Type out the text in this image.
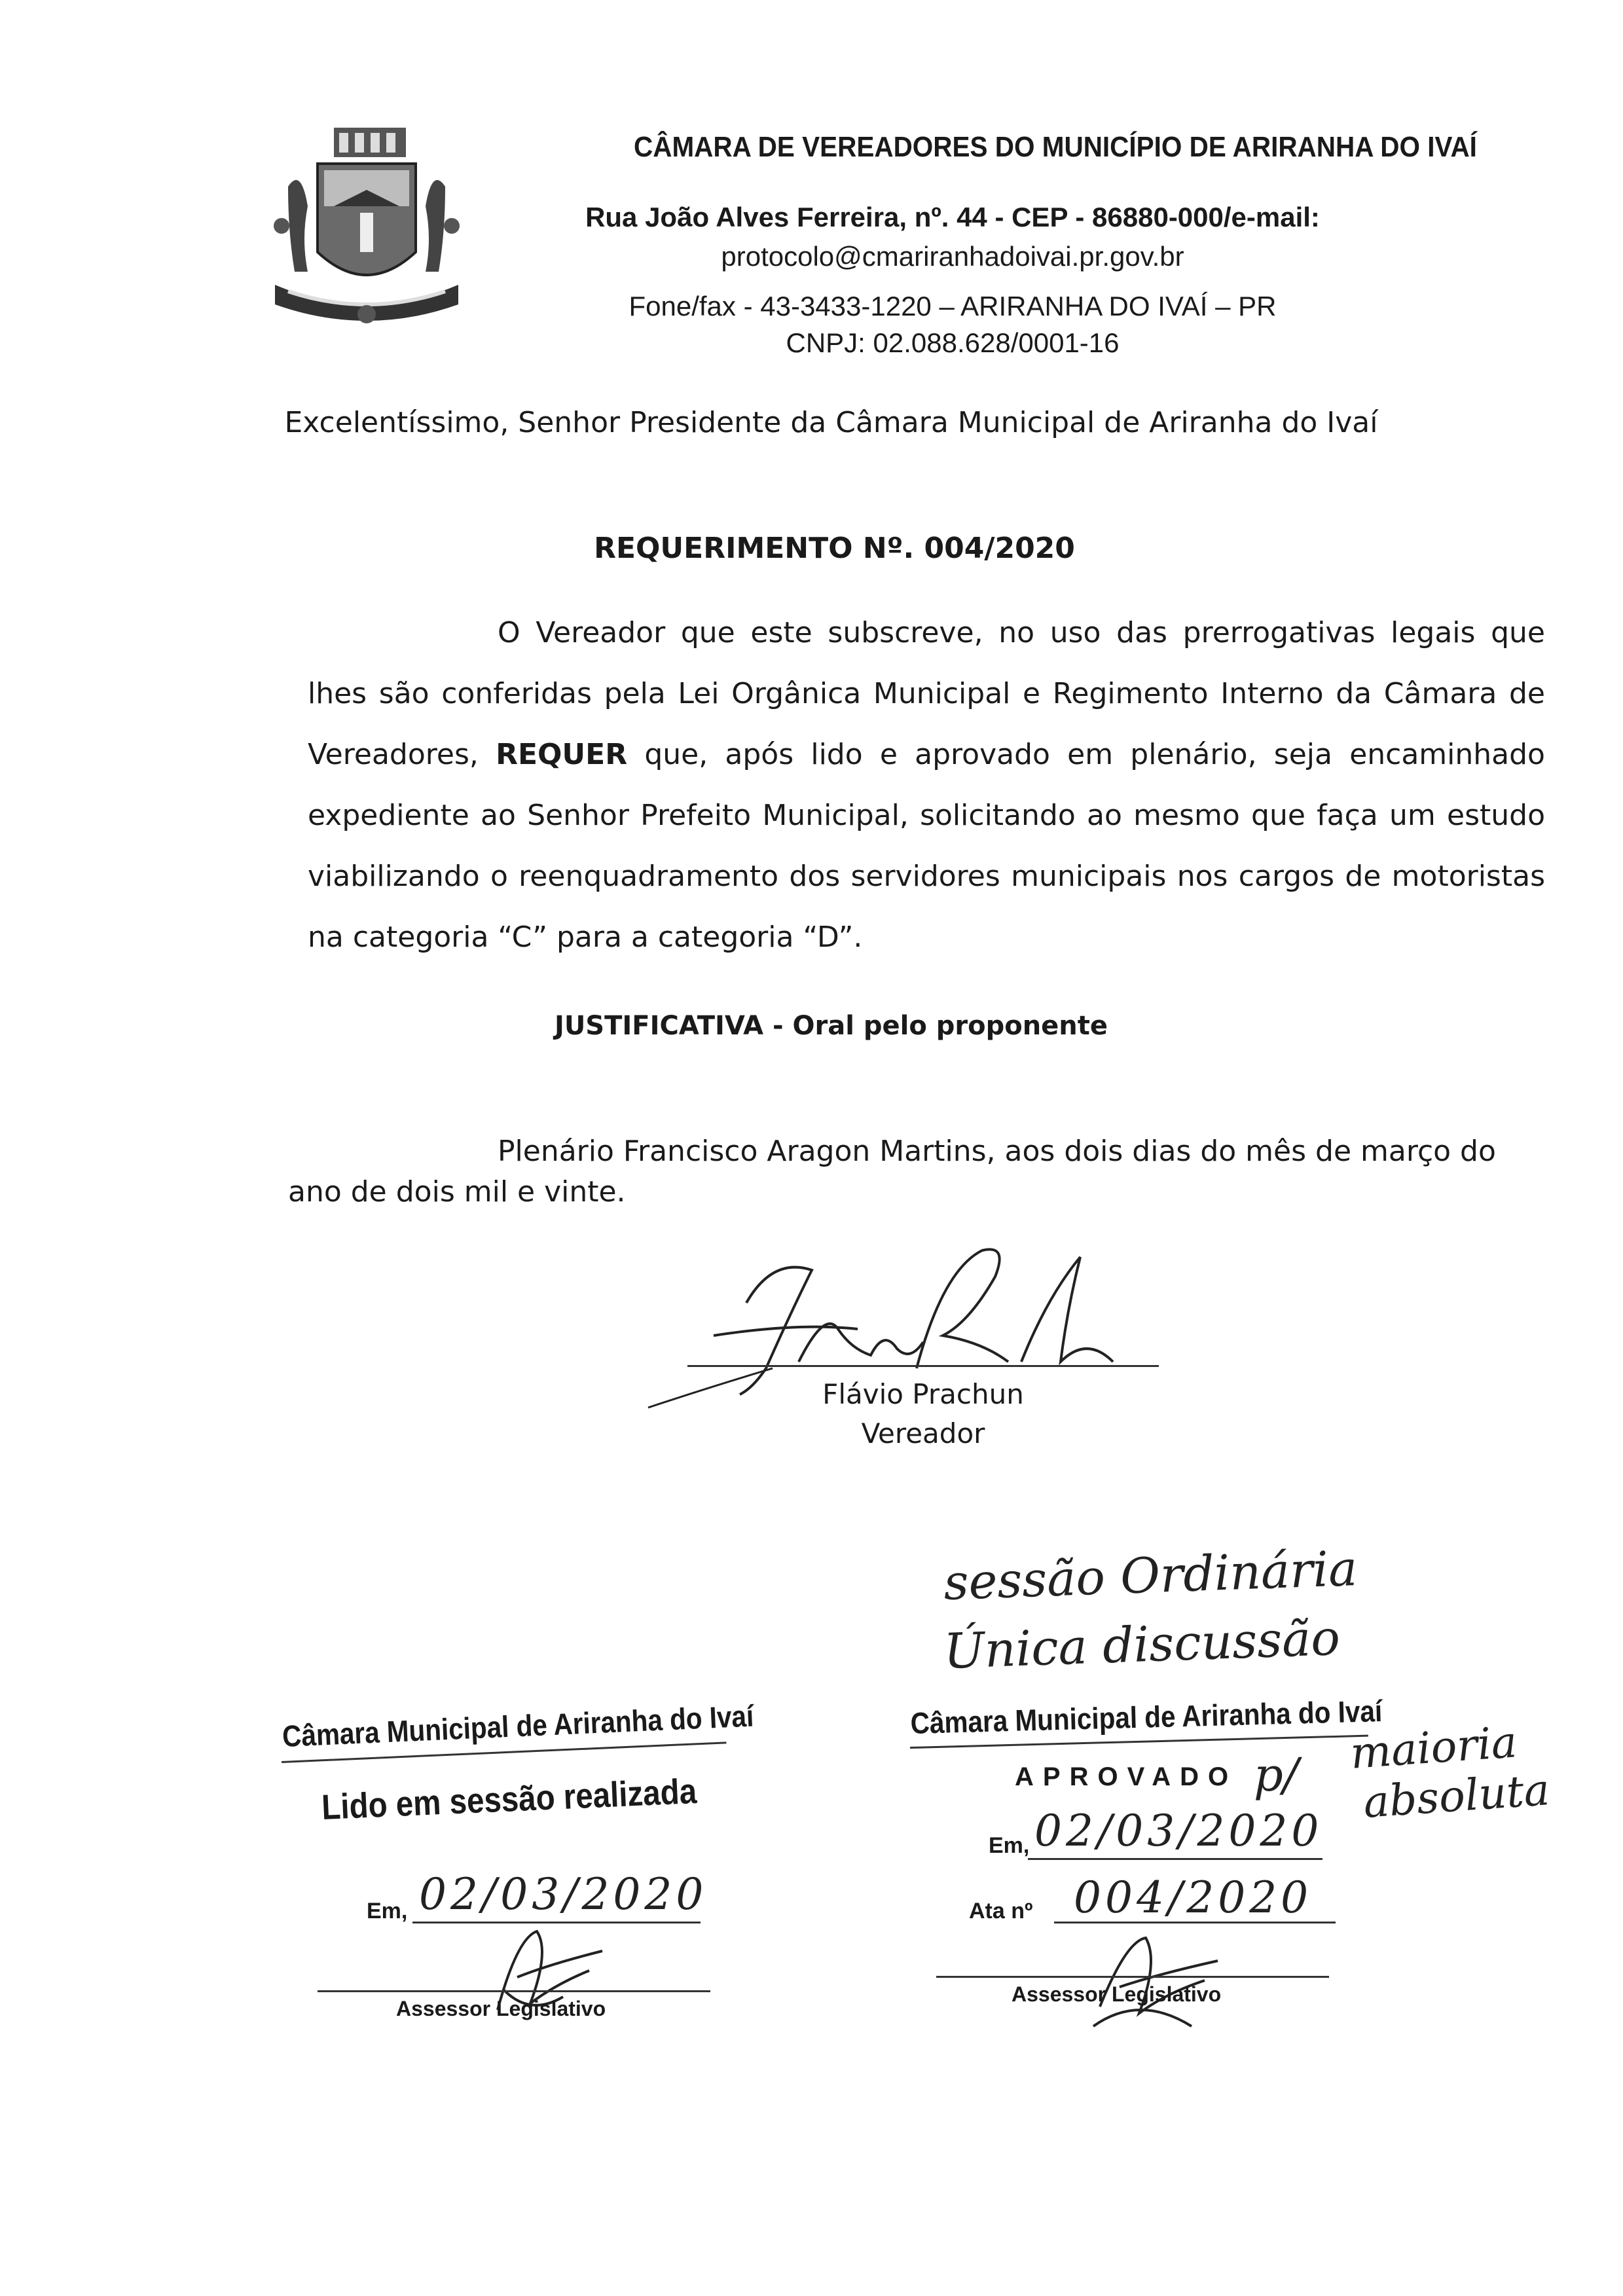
CÂMARA DE VEREADORES DO MUNICÍPIO DE ARIRANHA DO IVAÍ
Rua João Alves Ferreira, nº. 44 - CEP - 86880-000/e-mail:
protocolo@cmariranhadoivai.pr.gov.br
Fone/fax - 43-3433-1220 – ARIRANHA DO IVAÍ – PR
CNPJ: 02.088.628/0001-16
Excelentíssimo, Senhor Presidente da Câmara Municipal de Ariranha do Ivaí
REQUERIMENTO Nº. 004/2020
O Vereador que este subscreve, no uso das prerrogativas legais que lhes são conferidas pela Lei Orgânica Municipal e Regimento Interno da Câmara de Vereadores, REQUER que, após lido e aprovado em plenário, seja encaminhado expediente ao Senhor Prefeito Municipal, solicitando ao mesmo que faça um estudo viabilizando o reenquadramento dos servidores municipais nos cargos de motoristas na categoria “C” para a categoria “D”.
JUSTIFICATIVA - Oral pelo proponente
Plenário Francisco Aragon Martins, aos dois dias do mês de março do ano de dois mil e vinte.
Flávio Prachun
Vereador
Câmara Municipal de Ariranha do Ivaí
Lido em sessão realizada
Em, 02/03/2020
Assessor Legislativo
sessão Ordinária
Única discussão
Câmara Municipal de Ariranha do Ivaí
APROVADO p/ maioria
absoluta
Em, 02/03/2020
Ata nº 004/2020
Assessor Legislativo
